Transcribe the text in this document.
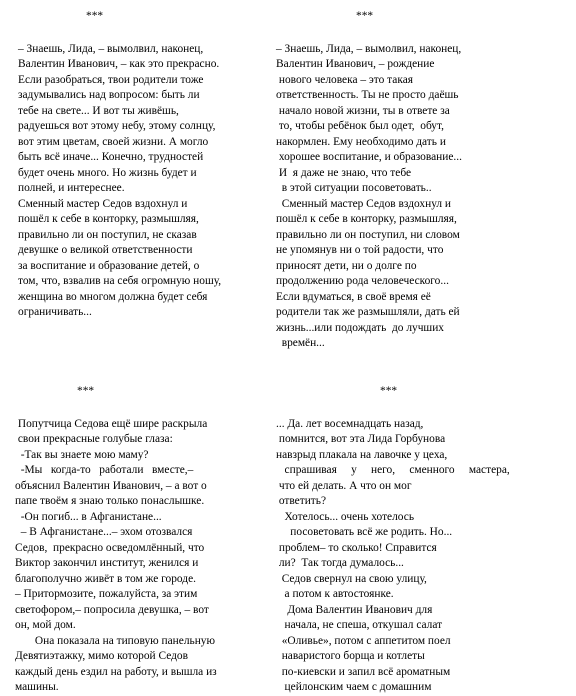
***
– Знаешь, Лида, – вымолвил, наконец,
Валентин Иванович, – как это прекрасно.
Если разобраться, твои родители тоже
задумывались над вопросом: быть ли
тебе на свете... И вот ты живёшь,
радуешься вот этому небу, этому солнцу,
вот этим цветам, своей жизни. А могло
быть всё иначе... Конечно, трудностей
будет очень много. Но жизнь будет и
полней, и интереснее.
Сменный мастер Седов вздохнул и
пошёл к себе в конторку, размышляя,
правильно ли он поступил, не сказав
девушке о великой ответственности
за воспитание и образование детей, о
том, что, взвалив на себя огромную ношу,
женщина во многом должна будет себя
ограничивать...
***
– Знаешь, Лида, – вымолвил, наконец,
Валентин Иванович, – рождение
нового человека – это такая
ответственность. Ты не просто даёшь
начало новой жизни, ты в ответе за
то, чтобы ребёнок был одет,  обут,
накормлен. Ему необходимо дать и
хорошее воспитание, и образование...
И  я даже не знаю, что тебе
в этой ситуации посоветовать..
Сменный мастер Седов вздохнул и
пошёл к себе в конторку, размышляя,
правильно ли он поступил, ни словом
не упомянув ни о той радости, что
приносят дети, ни о долге по
продолжению рода человеческого...
Если вдуматься, в своё время её
родители так же размышляли, дать ей
жизнь...или подождать  до лучших
времён...
***
Попутчица Седова ещё шире раскрыла
свои прекрасные голубые глаза:
-Так вы знаете мою маму?
-Мы   когда-то   работали   вместе,–
объяснил Валентин Иванович, – а вот о
папе твоём я знаю только понаслышке.
-Он погиб... в Афганистане...
– В Афганистане...– эхом отозвался
Седов,  прекрасно осведомлённый, что
Виктор закончил институт, женился и
благополучно живёт в том же городе.
– Притормозите, пожалуйста, за этим
светофором,– попросила девушка, – вот
он, мой дом.
Она показала на типовую панельную
Девятиэтажку, мимо которой Седов
каждый день ездил на работу, и вышла из
машины.
***
... Да. лет восемнадцать назад,
помнится, вот эта Лида Горбунова
навзрыд плакала на лавочке у цеха,
спрашивая     у     него,     сменного     мастера,
что ей делать. А что он мог
ответить?
Хотелось... очень хотелось
посоветовать всё же родить. Но...
проблем– то сколько! Справится
ли?  Так тогда думалось...
Седов свернул на свою улицу,
а потом к автостоянке.
Дома Валентин Иванович для
начала, не спеша, откушал салат
«Оливье», потом с аппетитом поел
наваристого борща и котлеты
по-киевски и запил всё ароматным
цейлонским чаем с домашним
